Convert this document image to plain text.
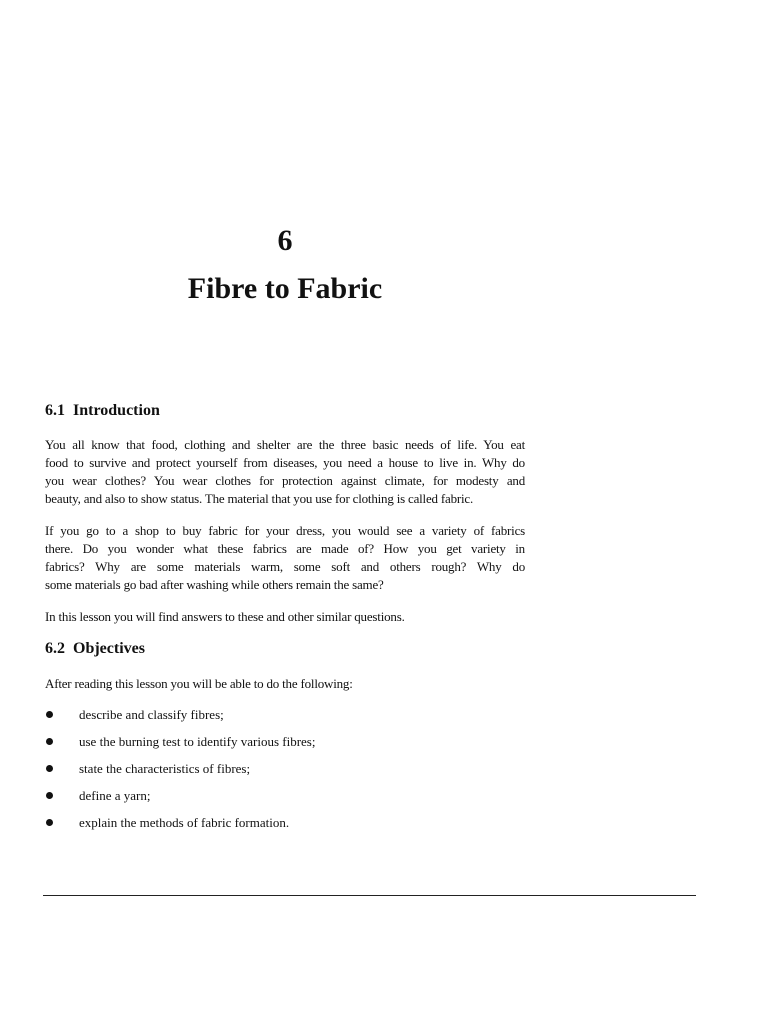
6
Fibre to Fabric
6.1 Introduction

You all know that food, clothing and shelter are the three basic needs of life. You eat
food to survive and protect yourself from diseases, you need a house to live in. Why do
you wear clothes? You wear clothes for protection against climate, for modesty and
beauty, and also to show status. The material that you use for clothing is called fabric.

If you go to a shop to buy fabric for your dress, you would see a variety of fabrics
there. Do you wonder what these fabrics are made of? How you get variety in
fabrics? Why are some materials warm, some soft and others rough? Why do
some materials go bad after washing while others remain the same?

In this lesson you will find answers to these and other similar questions.

6.2 Objectives

After reading this lesson you will be able to do the following:

describe and classify fibres;
use the burning test to identify various fibres;
state the characteristics of fibres;
define a yarn;
explain the methods of fabric formation.
